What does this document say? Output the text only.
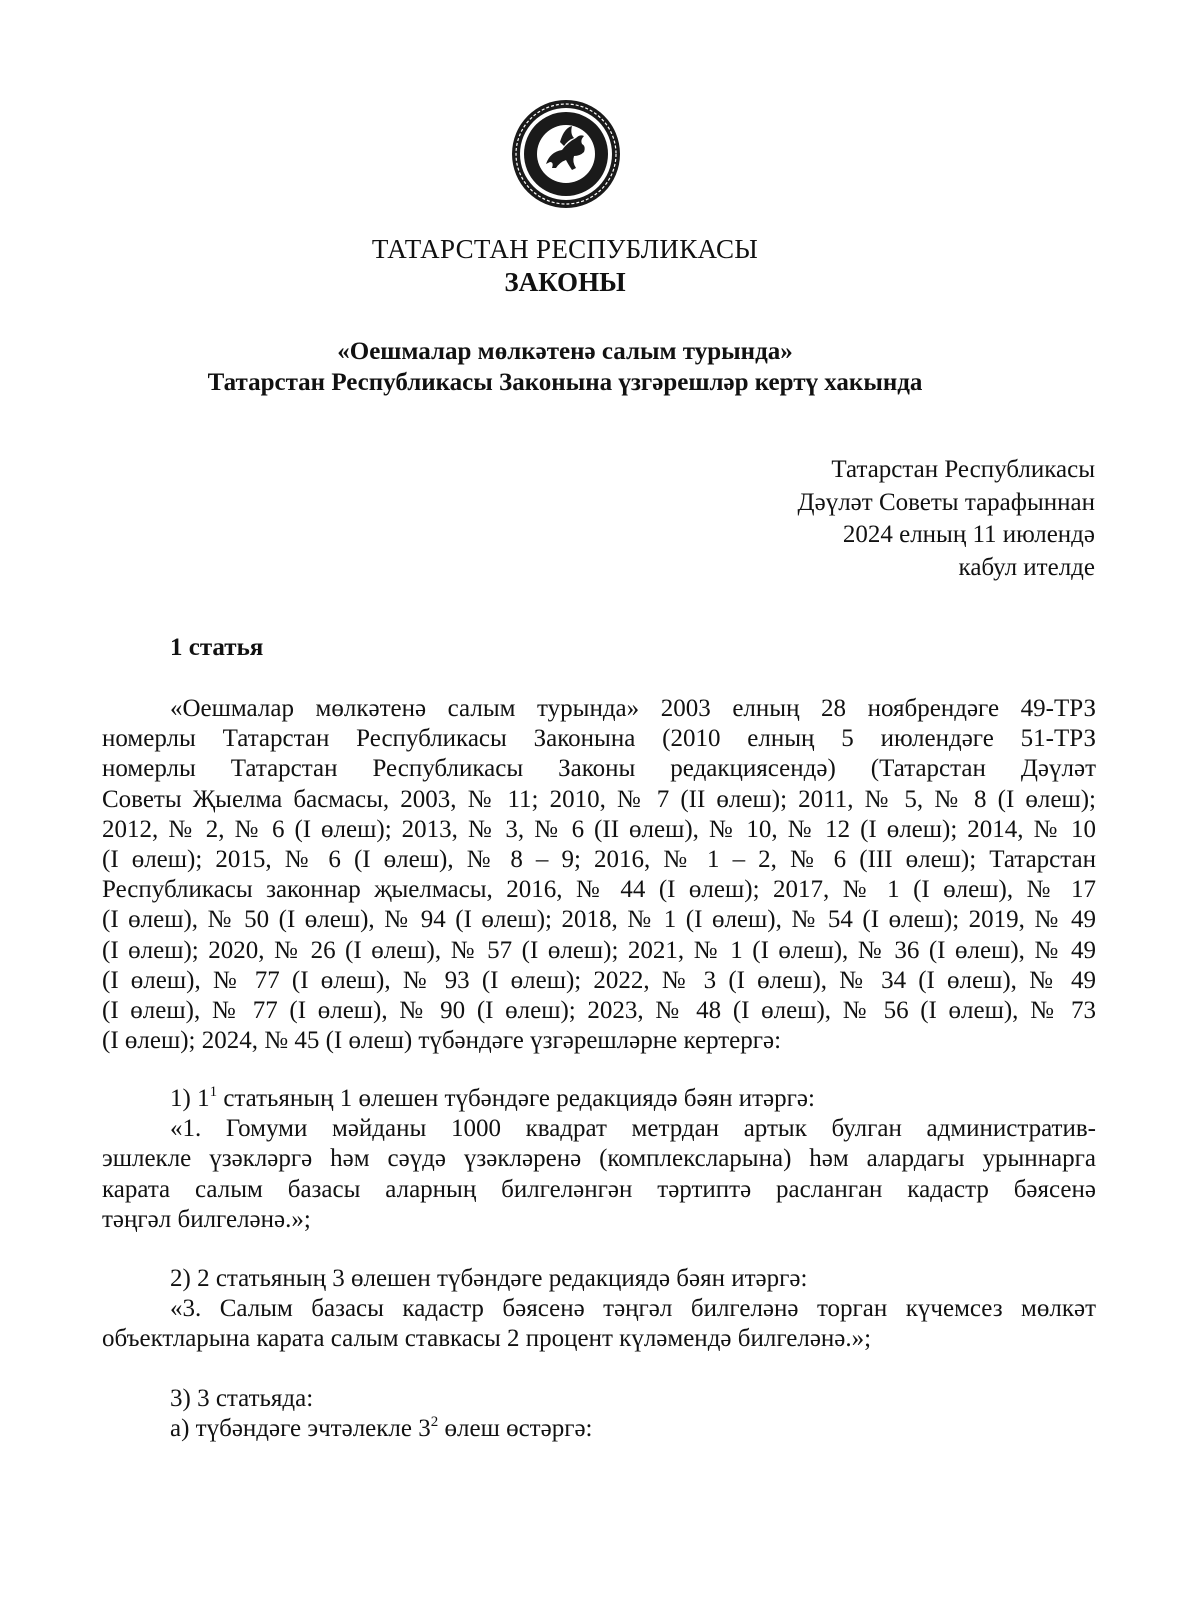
ТАТАРСТАН РЕСПУБЛИКАСЫ
ЗАКОНЫ
«Оешмалар мөлкәтенә салым турында»
Татарстан Республикасы Законына үзгәрешләр кертү хакында
Татарстан Республикасы
Дәүләт Советы тарафыннан
2024 елның 11 июлендә
кабул ителде
1 статья
«Оешмалар мөлкәтенә салым турында» 2003 елның 28 ноябрендәге 49-ТРЗ
номерлы Татарстан Республикасы Законына (2010 елның 5 июлендәге 51-ТРЗ
номерлы Татарстан Республикасы Законы редакциясендә) (Татарстан Дәүләт
Советы Җыелма басмасы, 2003, № 11; 2010, № 7 (II өлеш); 2011, № 5, № 8 (I өлеш);
2012, № 2, № 6 (I өлеш); 2013, № 3, № 6 (II өлеш), № 10, № 12 (I өлеш); 2014, № 10
(I өлеш); 2015, № 6 (I өлеш), № 8 – 9; 2016, № 1 – 2, № 6 (III өлеш); Татарстан
Республикасы законнар җыелмасы, 2016, № 44 (I өлеш); 2017, № 1 (I өлеш), № 17
(I өлеш), № 50 (I өлеш), № 94 (I өлеш); 2018, № 1 (I өлеш), № 54 (I өлеш); 2019, № 49
(I өлеш); 2020, № 26 (I өлеш), № 57 (I өлеш); 2021, № 1 (I өлеш), № 36 (I өлеш), № 49
(I өлеш), № 77 (I өлеш), № 93 (I өлеш); 2022, № 3 (I өлеш), № 34 (I өлеш), № 49
(I өлеш), № 77 (I өлеш), № 90 (I өлеш); 2023, № 48 (I өлеш), № 56 (I өлеш), № 73
(I өлеш); 2024, № 45 (I өлеш) түбәндәге үзгәрешләрне кертергә:
1) $1^1$ статьяның 1 өлешен түбәндәге редакциядә бәян итәргә:
«1. Гомуми мәйданы 1000 квадрат метрдан артык булган административ-
эшлекле үзәкләргә һәм сәүдә үзәкләренә (комплексларына) һәм алардагы урыннарга
карата салым базасы аларның билгеләнгән тәртиптә расланган кадастр бәясенә
тәңгәл билгеләнә.»;
2) 2 статьяның 3 өлешен түбәндәге редакциядә бәян итәргә:
«3. Салым базасы кадастр бәясенә тәңгәл билгеләнә торган күчемсез мөлкәт
объектларына карата салым ставкасы 2 процент күләмендә билгеләнә.»;
3) 3 статьяда:
а) түбәндәге эчтәлекле $3^2$ өлеш өстәргә:
